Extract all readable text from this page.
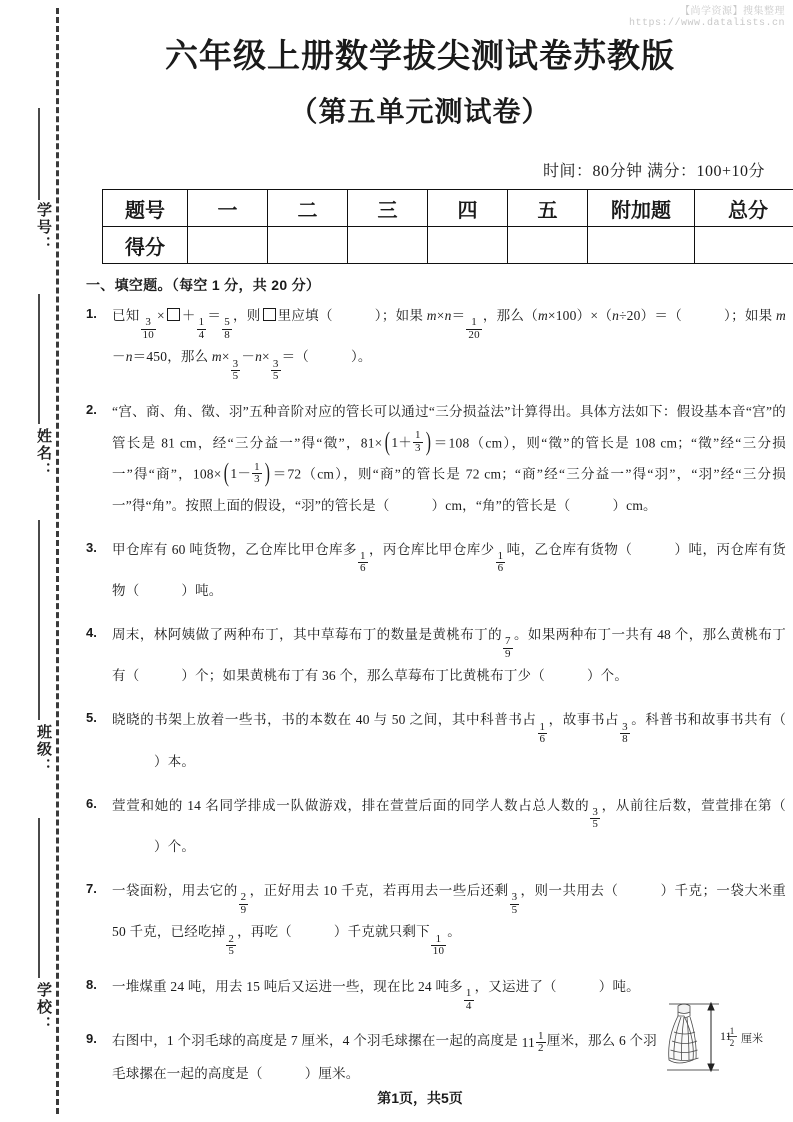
学号：
姓名：
班级：
学校：
【尚学资源】搜集整理
https://www.datalists.cn
六年级上册数学拔尖测试卷苏教版
（第五单元测试卷）
时间：80分钟 满分：100+10分
题号	一	二	三	四	五	附加题	总分
得分							
一、填空题。（每空 1 分，共 20 分）
1.	已知
$\frac{3}{10}$
× ＋
$\frac{1}{4}$
＝
$\frac{5}{8}$
，则 里应填（	）；如果 m×n＝
$\frac{1}{20}$
，那么（m×100）×（n÷20）＝（	）；如果 m－n＝450，那么 m×
$\frac{3}{5}$
－n×
$\frac{3}{5}$
＝（	）。
2.	“宫、商、角、徵、羽”五种音阶对应的管长可以通过“三分损益法”计算得出。具体方法如下：假设基本音“宫”的管长是 81 cm，经“三分益一”得“徵”，81× ( $1+ \frac{1}{3}$ ) ＝108（cm），则“徵”的管长是 108 cm；“徵”经“三分损一”得“商”，108× ( $1- \frac{1}{3}$ ) ＝72（cm），则“商”的管长是 72 cm；“商”经“三分益一”得“羽”，“羽”经“三分损一”得“角”。按照上面的假设，“羽”的管长是（	）cm，“角”的管长是（	）cm。
3.	甲仓库有 60 吨货物，乙仓库比甲仓库多
$\frac{1}{6}$
，丙仓库比甲仓库少
$\frac{1}{6}$
吨，乙仓库有货物（	）吨，丙仓库有货物（	）吨。
4.	周末，林阿姨做了两种布丁，其中草莓布丁的数量是黄桃布丁的
$\frac{7}{9}$
。如果两种布丁一共有 48 个，那么黄桃布丁有（	）个；如果黄桃布丁有 36 个，那么草莓布丁比黄桃布丁少（	）个。
5.	晓晓的书架上放着一些书，书的本数在 40 与 50 之间，其中科普书占
$\frac{1}{6}$
，故事书占
$\frac{3}{8}$
。科普书和故事书共有（）本。
6.	萱萱和她的 14 名同学排成一队做游戏，排在萱萱后面的同学人数占总人数的
$\frac{3}{5}$
，从前往后数，萱萱排在第（）个。
7.	一袋面粉，用去它的
$\frac{2}{9}$
，正好用去 10 千克，若再用去一些后还剩
$\frac{3}{5}$
，则一共用去（	）千克；一袋大米重 50 千克，已经吃掉
$\frac{2}{5}$
，再吃（	）千克就只剩下
$\frac{1}{10}$
。
8.	一堆煤重 24 吨，用去 15 吨后又运进一些，现在比 24 吨多
$\frac{1}{4}$
，又运进了（	）吨。
9.	右图中，1 个羽毛球的高度是 7 厘米，4 个羽毛球摞在一起的高度是 $11 \frac{1}{2}$ 厘米，那么 6 个羽毛球摞在一起的高度是（	）厘米。
11
1
2 厘米
第1页，共5页
